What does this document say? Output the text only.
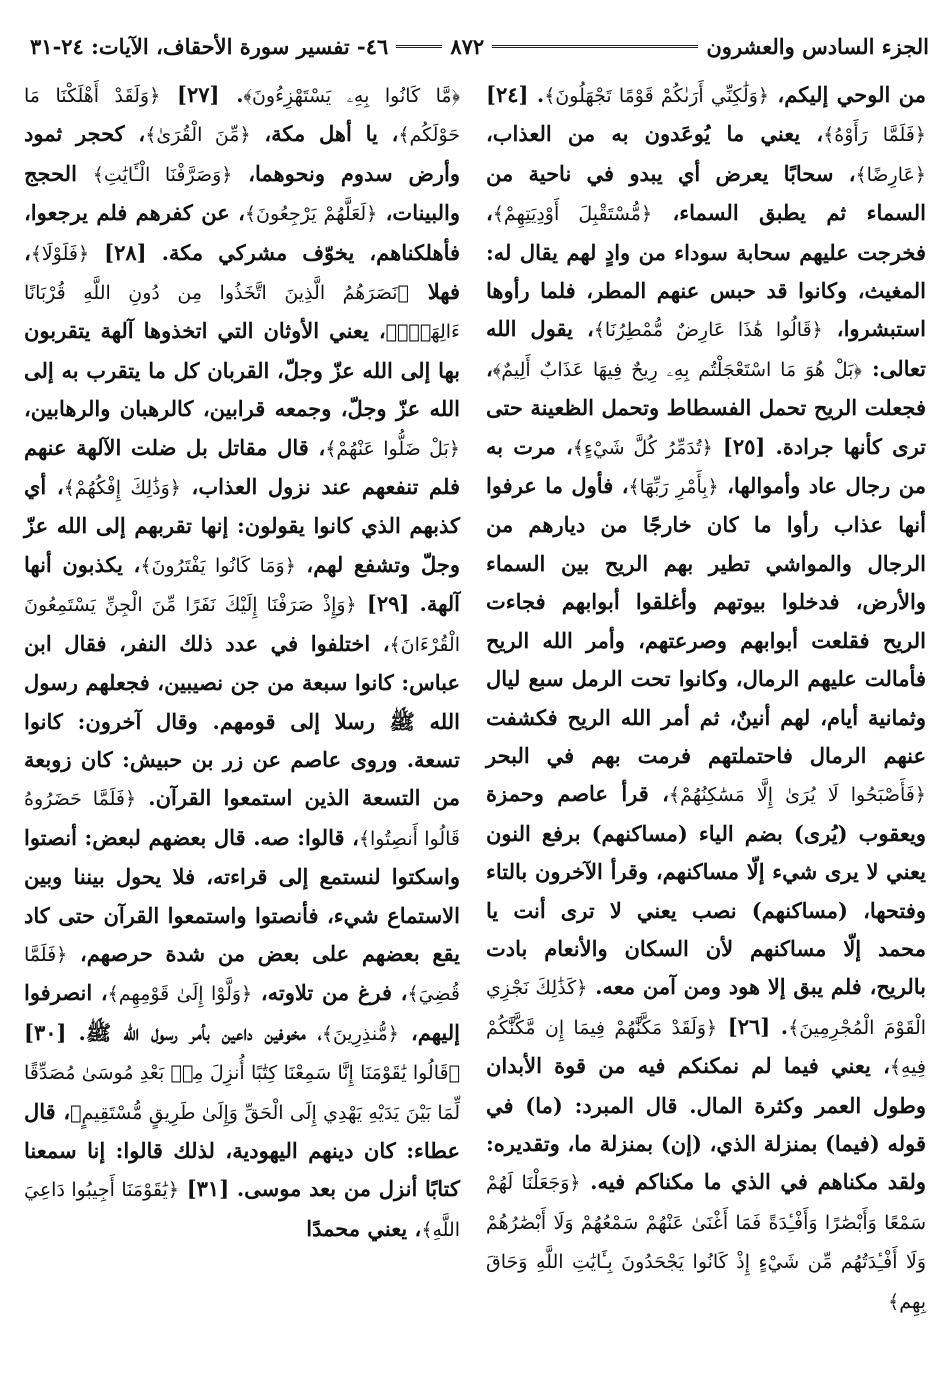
الجزء السادس والعشرون
٨٧٢
٤٦- تفسير سورة الأحقاف، الآيات: ٢٤-٣١

من الوحي إليكم، ﴿وَلَٰكِنِّي أَرَىٰكُمْ قَوْمًا تَجْهَلُونَ﴾. [٢٤] ﴿فَلَمَّا رَأَوْهُ﴾، يعني ما يُوعَدون به من العذاب، ﴿عَارِضًا﴾، سحابًا يعرض أي يبدو في ناحية من السماء ثم يطبق السماء، ﴿مُّسْتَقْبِلَ أَوْدِيَتِهِمْ﴾، فخرجت عليهم سحابة سوداء من وادٍ لهم يقال له: المغيث، وكانوا قد حبس عنهم المطر، فلما رأوها استبشروا، ﴿قَالُوا هَٰذَا عَارِضٌ مُّمْطِرُنَا﴾، يقول الله تعالى: ﴿بَلْ هُوَ مَا اسْتَعْجَلْتُم بِهِۦ رِيحٌ فِيهَا عَذَابٌ أَلِيمٌ﴾، فجعلت الريح تحمل الفسطاط وتحمل الظعينة حتى ترى كأنها جرادة. [٢٥] ﴿تُدَمِّرُ كُلَّ شَيْءٍ﴾، مرت به من رجال عاد وأموالها، ﴿بِأَمْرِ رَبِّهَا﴾، فأول ما عرفوا أنها عذاب رأوا ما كان خارجًا من ديارهم من الرجال والمواشي تطير بهم الريح بين السماء والأرض، فدخلوا بيوتهم وأغلقوا أبوابهم فجاءت الريح فقلعت أبوابهم وصرعتهم، وأمر الله الريح فأمالت عليهم الرمال، وكانوا تحت الرمل سبع ليال وثمانية أيام، لهم أنينٌ، ثم أمر الله الريح فكشفت عنهم الرمال فاحتملتهم فرمت بهم في البحر ﴿فَأَصْبَحُوا لَا يُرَىٰ إِلَّا مَسَٰكِنُهُمْ﴾، قرأ عاصم وحمزة ويعقوب (يُرى) بضم الياء (مساكنهم) برفع النون يعني لا يرى شيء إلّا مساكنهم، وقرأ الآخرون بالتاء وفتحها، (مساكنهم) نصب يعني لا ترى أنت يا محمد إلّا مساكنهم لأن السكان والأنعام بادت بالريح، فلم يبق إلا هود ومن آمن معه. ﴿كَذَٰلِكَ نَجْزِي الْقَوْمَ الْمُجْرِمِينَ﴾. [٢٦] ﴿وَلَقَدْ مَكَّنَّٰهُمْ فِيمَا إِن مَّكَّنَّٰكُمْ فِيهِ﴾، يعني فيما لم نمكنكم فيه من قوة الأبدان وطول العمر وكثرة المال. قال المبرد: (ما) في قوله (فيما) بمنزلة الذي، (إن) بمنزلة ما، وتقديره: ولقد مكناهم في الذي ما مكناكم فيه. ﴿وَجَعَلْنَا لَهُمْ سَمْعًا وَأَبْصَٰرًا وَأَفْـِٔدَةً فَمَا أَغْنَىٰ عَنْهُمْ سَمْعُهُمْ وَلَا أَبْصَٰرُهُمْ وَلَا أَفْـِٔدَتُهُم مِّن شَيْءٍ إِذْ كَانُوا يَجْحَدُونَ بِـَٔايَٰتِ اللَّهِ وَحَاقَ بِهِم﴾

﴿مَّا كَانُوا بِهِۦ يَسْتَهْزِءُونَ﴾. [٢٧] ﴿وَلَقَدْ أَهْلَكْنَا مَا حَوْلَكُم﴾، يا أهل مكة، ﴿مِّنَ الْقُرَىٰ﴾، كحجر ثمود وأرض سدوم ونحوهما، ﴿وَصَرَّفْنَا الْـَٔايَٰتِ﴾ الحجج والبينات، ﴿لَعَلَّهُمْ يَرْجِعُونَ﴾، عن كفرهم فلم يرجعوا، فأهلكناهم، يخوّف مشركي مكة. [٢٨] ﴿فَلَوْلَا﴾، فهلا ﴿نَصَرَهُمُ الَّذِينَ اتَّخَذُوا مِن دُونِ اللَّهِ قُرْبَانًا ءَالِهَةًۢ﴾، يعني الأوثان التي اتخذوها آلهة يتقربون بها إلى الله عزّ وجلّ، القربان كل ما يتقرب به إلى الله عزّ وجلّ، وجمعه قرابين، كالرهبان والرهابين، ﴿بَلْ ضَلُّوا عَنْهُمْ﴾، قال مقاتل بل ضلت الآلهة عنهم فلم تنفعهم عند نزول العذاب، ﴿وَذَٰلِكَ إِفْكُهُمْ﴾، أي كذبهم الذي كانوا يقولون: إنها تقربهم إلى الله عزّ وجلّ وتشفع لهم، ﴿وَمَا كَانُوا يَفْتَرُونَ﴾، يكذبون أنها آلهة. [٢٩] ﴿وَإِذْ صَرَفْنَا إِلَيْكَ نَفَرًا مِّنَ الْجِنِّ يَسْتَمِعُونَ الْقُرْءَانَ﴾، اختلفوا في عدد ذلك النفر، فقال ابن عباس: كانوا سبعة من جن نصيبين، فجعلهم رسول الله ﷺ رسلا إلى قومهم. وقال آخرون: كانوا تسعة. وروى عاصم عن زر بن حبيش: كان زوبعة من التسعة الذين استمعوا القرآن. ﴿فَلَمَّا حَضَرُوهُ قَالُوا أَنصِتُوا﴾، قالوا: صه. قال بعضهم لبعض: أنصتوا واسكتوا لنستمع إلى قراءته، فلا يحول بيننا وبين الاستماع شيء، فأنصتوا واستمعوا القرآن حتى كاد يقع بعضهم على بعض من شدة حرصهم، ﴿فَلَمَّا قُضِيَ﴾، فرغ من تلاوته، ﴿وَلَّوْا إِلَىٰ قَوْمِهِم﴾، انصرفوا إليهم، ﴿مُّنذِرِينَ﴾، مخوفين داعين بأمر رسول الله ﷺ. [٣٠] ﴿قَالُوا يَٰقَوْمَنَا إِنَّا سَمِعْنَا كِتَٰبًا أُنزِلَ مِنۢ بَعْدِ مُوسَىٰ مُصَدِّقًا لِّمَا بَيْنَ يَدَيْهِ يَهْدِي إِلَى الْحَقِّ وَإِلَىٰ طَرِيقٍ مُّسْتَقِيمٍ﴾، قال عطاء: كان دينهم اليهودية، لذلك قالوا: إنا سمعنا كتابًا أنزل من بعد موسى. [٣١] ﴿يَٰقَوْمَنَا أَجِيبُوا دَاعِيَ اللَّهِ﴾، يعني محمدًا
